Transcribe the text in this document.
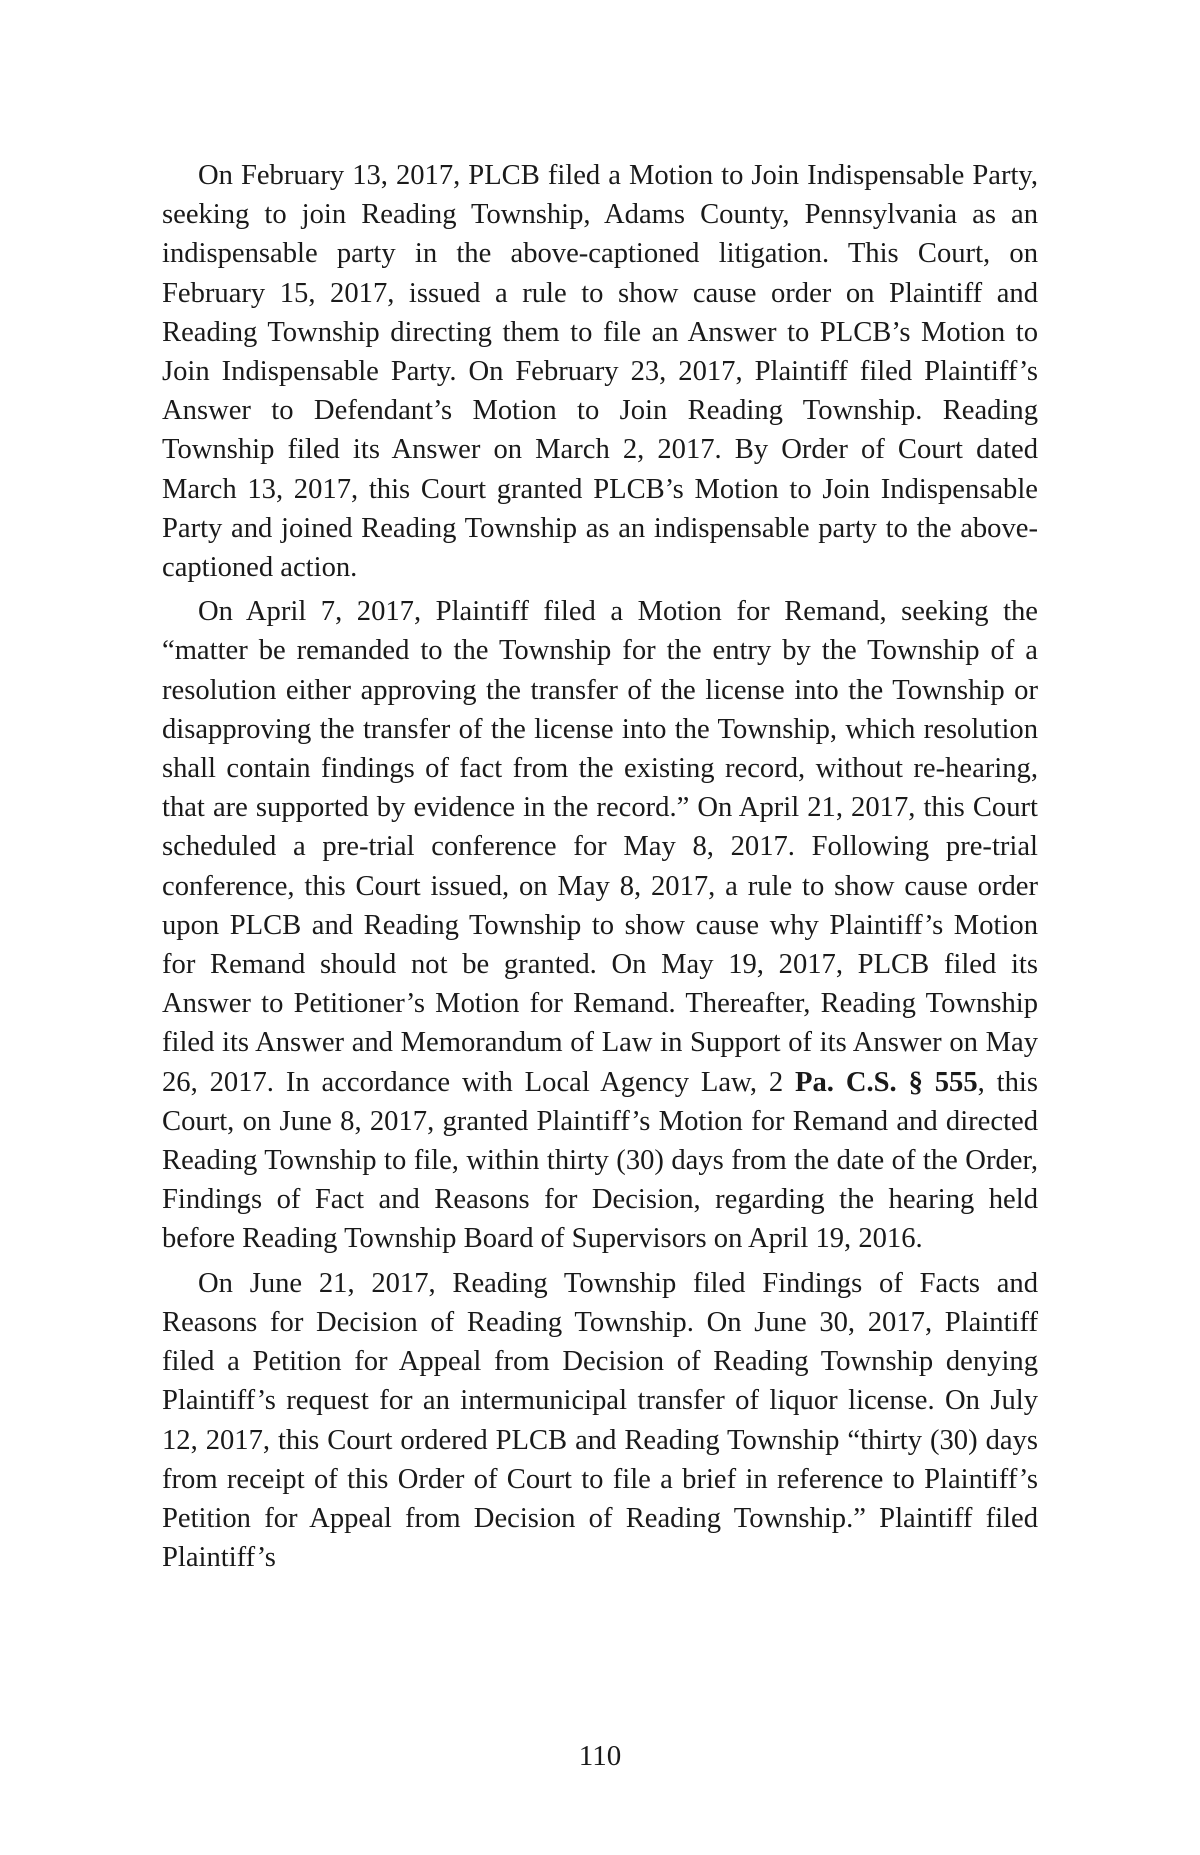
On February 13, 2017, PLCB filed a Motion to Join Indispensable Party, seeking to join Reading Township, Adams County, Pennsylvania as an indispensable party in the above-captioned litigation. This Court, on February 15, 2017, issued a rule to show cause order on Plaintiff and Reading Township directing them to file an Answer to PLCB’s Motion to Join Indispensable Party. On February 23, 2017, Plaintiff filed Plaintiff’s Answer to Defendant’s Motion to Join Reading Township. Reading Township filed its Answer on March 2, 2017. By Order of Court dated March 13, 2017, this Court granted PLCB’s Motion to Join Indispensable Party and joined Reading Township as an indispensable party to the above-captioned action.

On April 7, 2017, Plaintiff filed a Motion for Remand, seeking the “matter be remanded to the Township for the entry by the Township of a resolution either approving the transfer of the license into the Township or disapproving the transfer of the license into the Township, which resolution shall contain findings of fact from the existing record, without re-hearing, that are supported by evidence in the record.” On April 21, 2017, this Court scheduled a pre-trial conference for May 8, 2017. Following pre-trial conference, this Court issued, on May 8, 2017, a rule to show cause order upon PLCB and Reading Township to show cause why Plaintiff’s Motion for Remand should not be granted. On May 19, 2017, PLCB filed its Answer to Petitioner’s Motion for Remand. Thereafter, Reading Township filed its Answer and Memorandum of Law in Support of its Answer on May 26, 2017. In accordance with Local Agency Law, 2 Pa. C.S. § 555, this Court, on June 8, 2017, granted Plaintiff’s Motion for Remand and directed Reading Township to file, within thirty (30) days from the date of the Order, Findings of Fact and Reasons for Decision, regarding the hearing held before Reading Township Board of Supervisors on April 19, 2016.

On June 21, 2017, Reading Township filed Findings of Facts and Reasons for Decision of Reading Township. On June 30, 2017, Plaintiff filed a Petition for Appeal from Decision of Reading Township denying Plaintiff’s request for an intermunicipal transfer of liquor license. On July 12, 2017, this Court ordered PLCB and Reading Township “thirty (30) days from receipt of this Order of Court to file a brief in reference to Plaintiff’s Petition for Appeal from Decision of Reading Township.” Plaintiff filed Plaintiff’s

110
